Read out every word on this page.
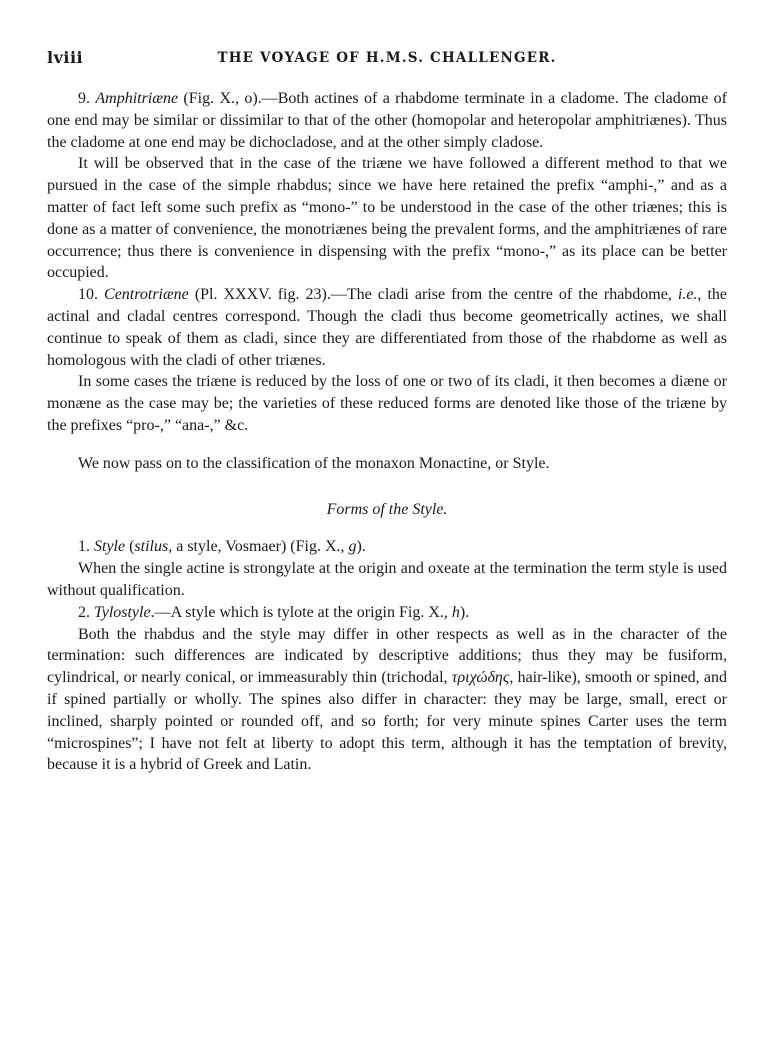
lviii	THE VOYAGE OF H.M.S. CHALLENGER.

9. Amphitriæne (Fig. X., o).—Both actines of a rhabdome terminate in a cladome. The cladome of one end may be similar or dissimilar to that of the other (homopolar and heteropolar amphitriænes). Thus the cladome at one end may be dichocladose, and at the other simply cladose.

It will be observed that in the case of the triæne we have followed a different method to that we pursued in the case of the simple rhabdus; since we have here retained the prefix “amphi-,” and as a matter of fact left some such prefix as “mono-” to be understood in the case of the other triænes; this is done as a matter of convenience, the monotriænes being the prevalent forms, and the amphitriænes of rare occurrence; thus there is convenience in dispensing with the prefix “mono-,” as its place can be better occupied.

10. Centrotriæne (Pl. XXXV. fig. 23).—The cladi arise from the centre of the rhabdome, i.e., the actinal and cladal centres correspond. Though the cladi thus become geometrically actines, we shall continue to speak of them as cladi, since they are differentiated from those of the rhabdome as well as homologous with the cladi of other triænes.

In some cases the triæne is reduced by the loss of one or two of its cladi, it then becomes a diæne or monæne as the case may be; the varieties of these reduced forms are denoted like those of the triæne by the prefixes “pro-,” “ana-,” &c.

We now pass on to the classification of the monaxon Monactine, or Style.

Forms of the Style.

1. Style (stilus, a style, Vosmaer) (Fig. X., g).

When the single actine is strongylate at the origin and oxeate at the termination the term style is used without qualification.

2. Tylostyle.—A style which is tylote at the origin Fig. X., h).

Both the rhabdus and the style may differ in other respects as well as in the character of the termination: such differences are indicated by descriptive additions; thus they may be fusiform, cylindrical, or nearly conical, or immeasurably thin (trichodal, τριχώδης, hair-like), smooth or spined, and if spined partially or wholly. The spines also differ in character: they may be large, small, erect or inclined, sharply pointed or rounded off, and so forth; for very minute spines Carter uses the term “microspines”; I have not felt at liberty to adopt this term, although it has the temptation of brevity, because it is a hybrid of Greek and Latin.
